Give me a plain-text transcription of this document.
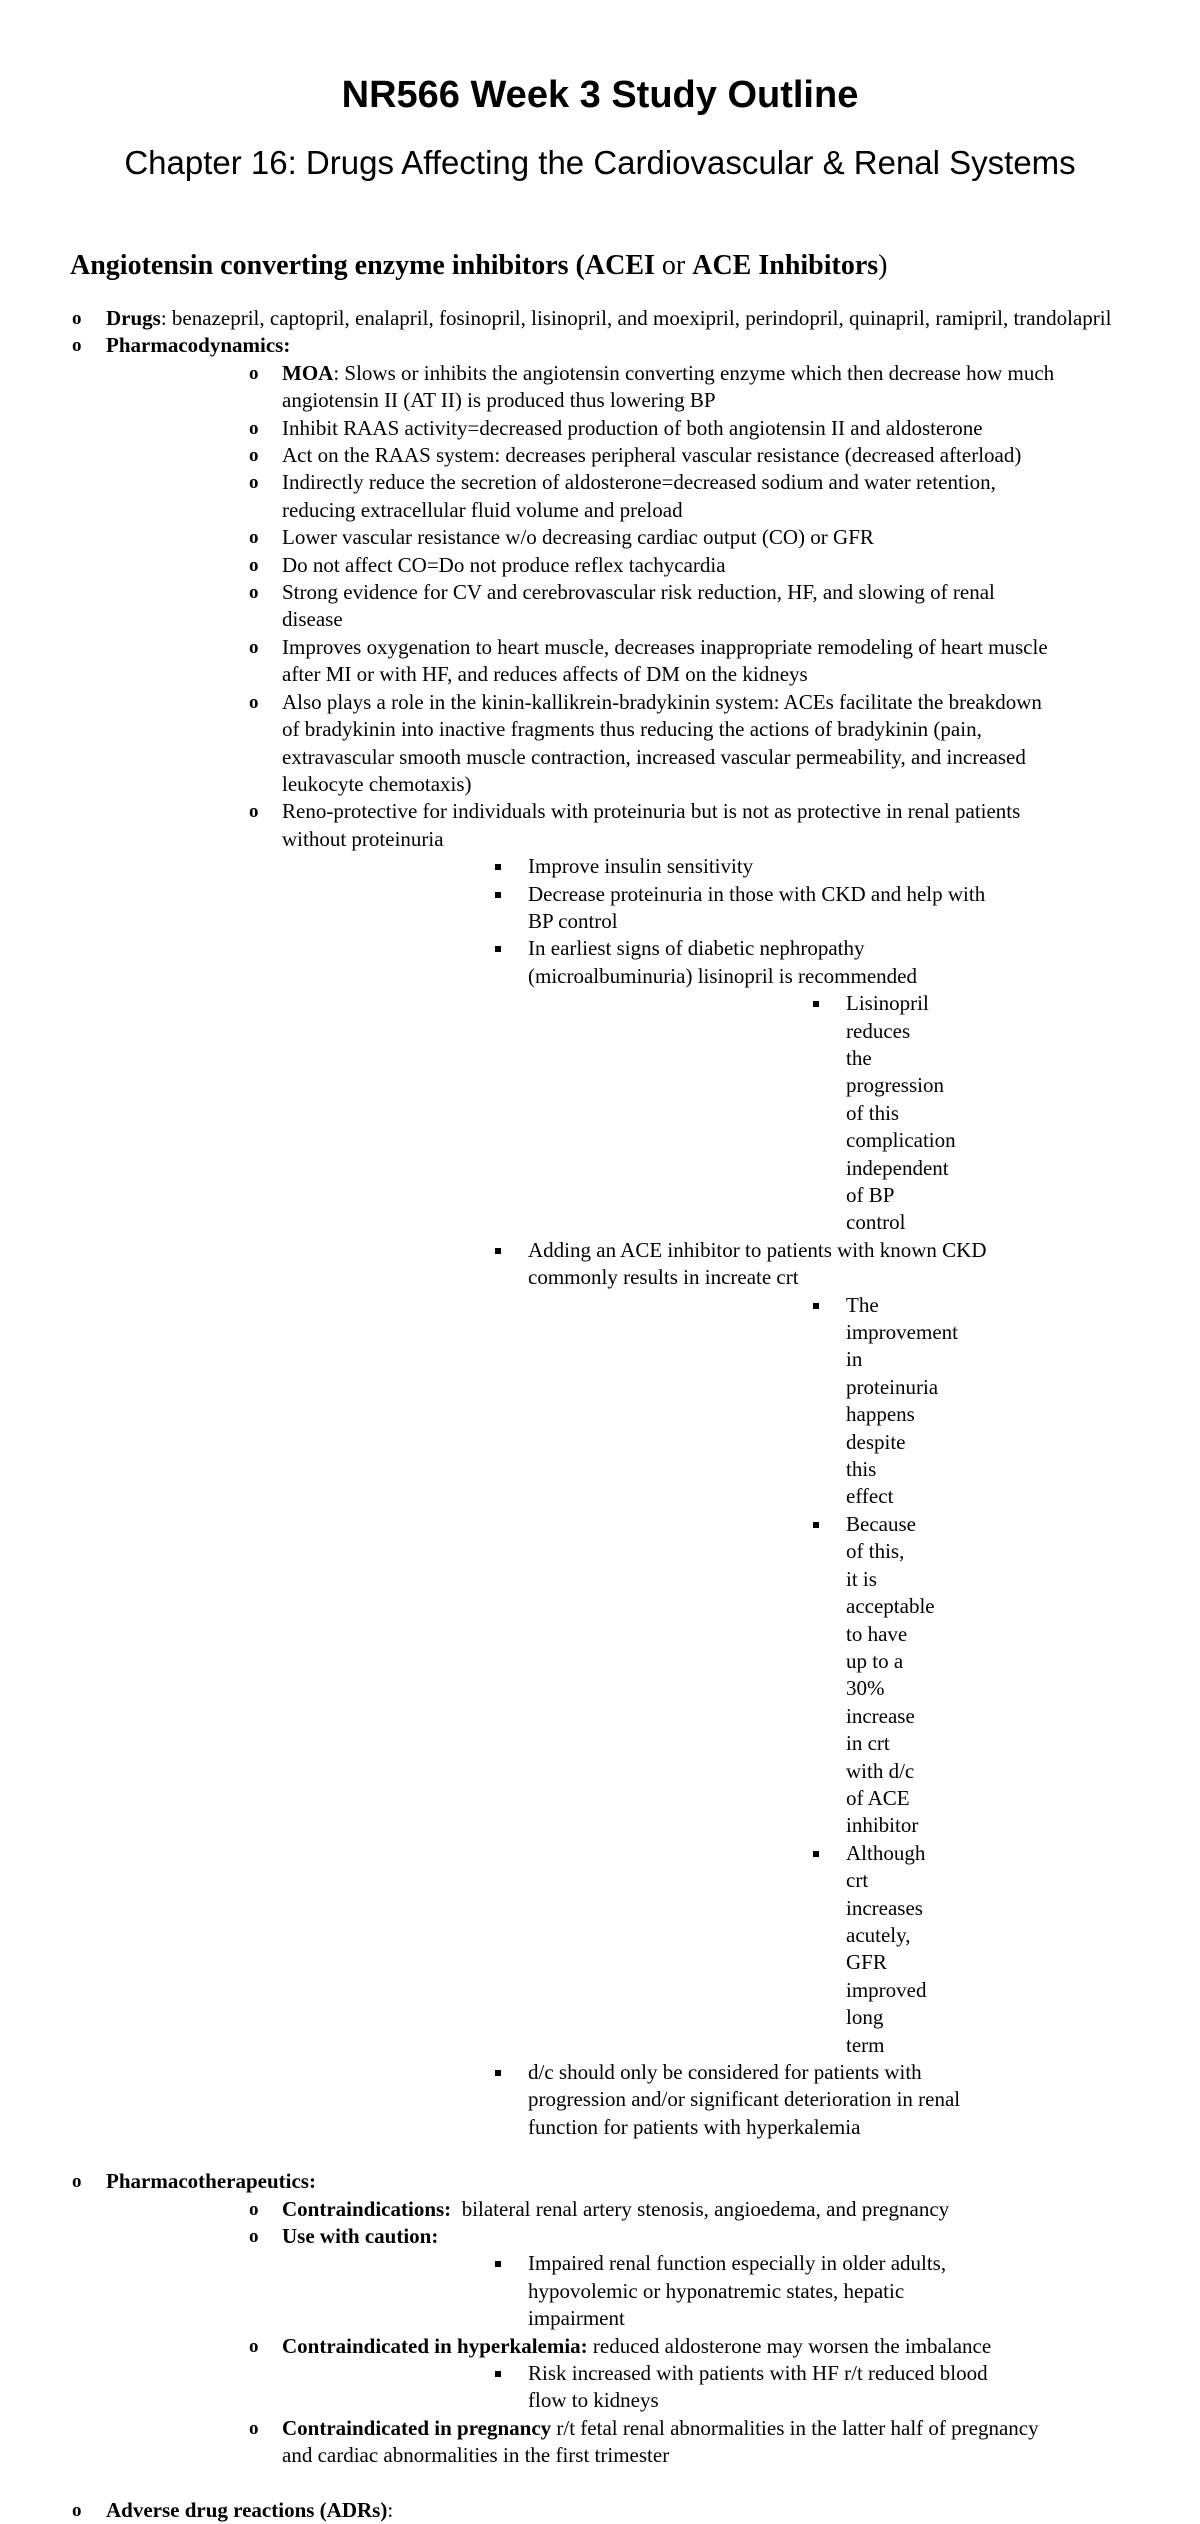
NR566 Week 3 Study Outline
Chapter 16: Drugs Affecting the Cardiovascular & Renal Systems
Angiotensin converting enzyme inhibitors (ACEI or ACE Inhibitors)
o Drugs: benazepril, captopril, enalapril, fosinopril, lisinopril, and moexipril, perindopril, quinapril, ramipril, trandolapril
o Pharmacodynamics:
o MOA: Slows or inhibits the angiotensin converting enzyme which then decrease how much angiotensin II (AT II) is produced thus lowering BP
o Inhibit RAAS activity=decreased production of both angiotensin II and aldosterone
o Act on the RAAS system: decreases peripheral vascular resistance (decreased afterload)
o Indirectly reduce the secretion of aldosterone=decreased sodium and water retention, reducing extracellular fluid volume and preload
o Lower vascular resistance w/o decreasing cardiac output (CO) or GFR
o Do not affect CO=Do not produce reflex tachycardia
o Strong evidence for CV and cerebrovascular risk reduction, HF, and slowing of renal disease
o Improves oxygenation to heart muscle, decreases inappropriate remodeling of heart muscle after MI or with HF, and reduces affects of DM on the kidneys
o Also plays a role in the kinin-kallikrein-bradykinin system: ACEs facilitate the breakdown of bradykinin into inactive fragments thus reducing the actions of bradykinin (pain, extravascular smooth muscle contraction, increased vascular permeability, and increased leukocyte chemotaxis)
o Reno-protective for individuals with proteinuria but is not as protective in renal patients without proteinuria
Improve insulin sensitivity
Decrease proteinuria in those with CKD and help with BP control
In earliest signs of diabetic nephropathy (microalbuminuria) lisinopril is recommended
Lisinopril reduces the progression of this complication independent of BP control
Adding an ACE inhibitor to patients with known CKD commonly results in increate crt
The improvement in proteinuria happens despite this effect
Because of this, it is acceptable to have up to a 30% increase in crt with d/c of ACE inhibitor
Although crt increases acutely, GFR improved long term
d/c should only be considered for patients with progression and/or significant deterioration in renal function for patients with hyperkalemia
o Pharmacotherapeutics:
o Contraindications:  bilateral renal artery stenosis, angioedema, and pregnancy
o Use with caution:
Impaired renal function especially in older adults, hypovolemic or hyponatremic states, hepatic impairment
o Contraindicated in hyperkalemia: reduced aldosterone may worsen the imbalance
Risk increased with patients with HF r/t reduced blood flow to kidneys
o Contraindicated in pregnancy r/t fetal renal abnormalities in the latter half of pregnancy and cardiac abnormalities in the first trimester
o Adverse drug reactions (ADRs):
